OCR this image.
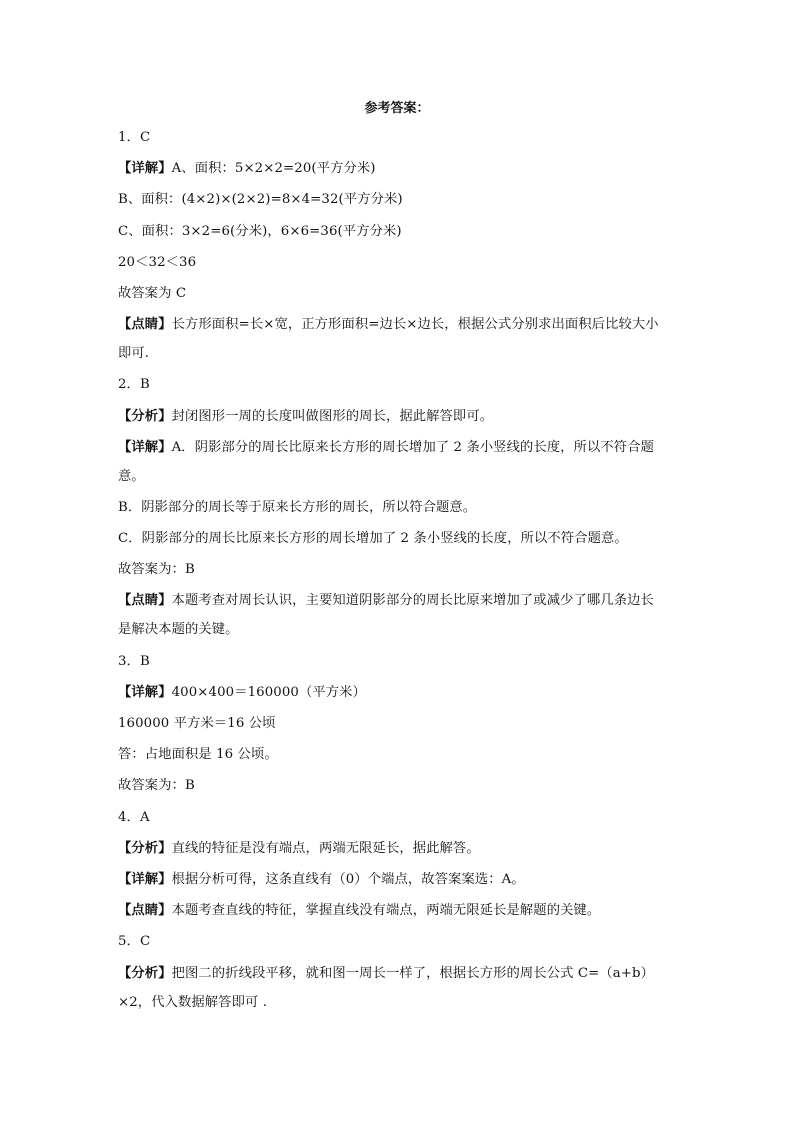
参考答案：
1．C
【详解】A、面积：5×2×2=20(平方分米)
B、面积：(4×2)×(2×2)=8×4=32(平方分米)
C、面积：3×2=6(分米)，6×6=36(平方分米)
20＜32＜36
故答案为 C
【点睛】长方形面积=长×宽，正方形面积=边长×边长，根据公式分别求出面积后比较大小
即可.
2．B
【分析】封闭图形一周的长度叫做图形的周长，据此解答即可。
【详解】A．阴影部分的周长比原来长方形的周长增加了 2 条小竖线的长度，所以不符合题
意。
B．阴影部分的周长等于原来长方形的周长，所以符合题意。
C．阴影部分的周长比原来长方形的周长增加了 2 条小竖线的长度，所以不符合题意。
故答案为：B
【点睛】本题考查对周长认识，主要知道阴影部分的周长比原来增加了或减少了哪几条边长
是解决本题的关键。
3．B
【详解】400×400＝160000（平方米）
160000 平方米＝16 公顷
答：占地面积是 16 公顷。
故答案为：B
4．A
【分析】直线的特征是没有端点，两端无限延长，据此解答。
【详解】根据分析可得，这条直线有（0）个端点，故答案案选：A。
【点睛】本题考查直线的特征，掌握直线没有端点，两端无限延长是解题的关键。
5．C
【分析】把图二的折线段平移，就和图一周长一样了，根据长方形的周长公式 C=（a+b）
×2，代入数据解答即可 .
